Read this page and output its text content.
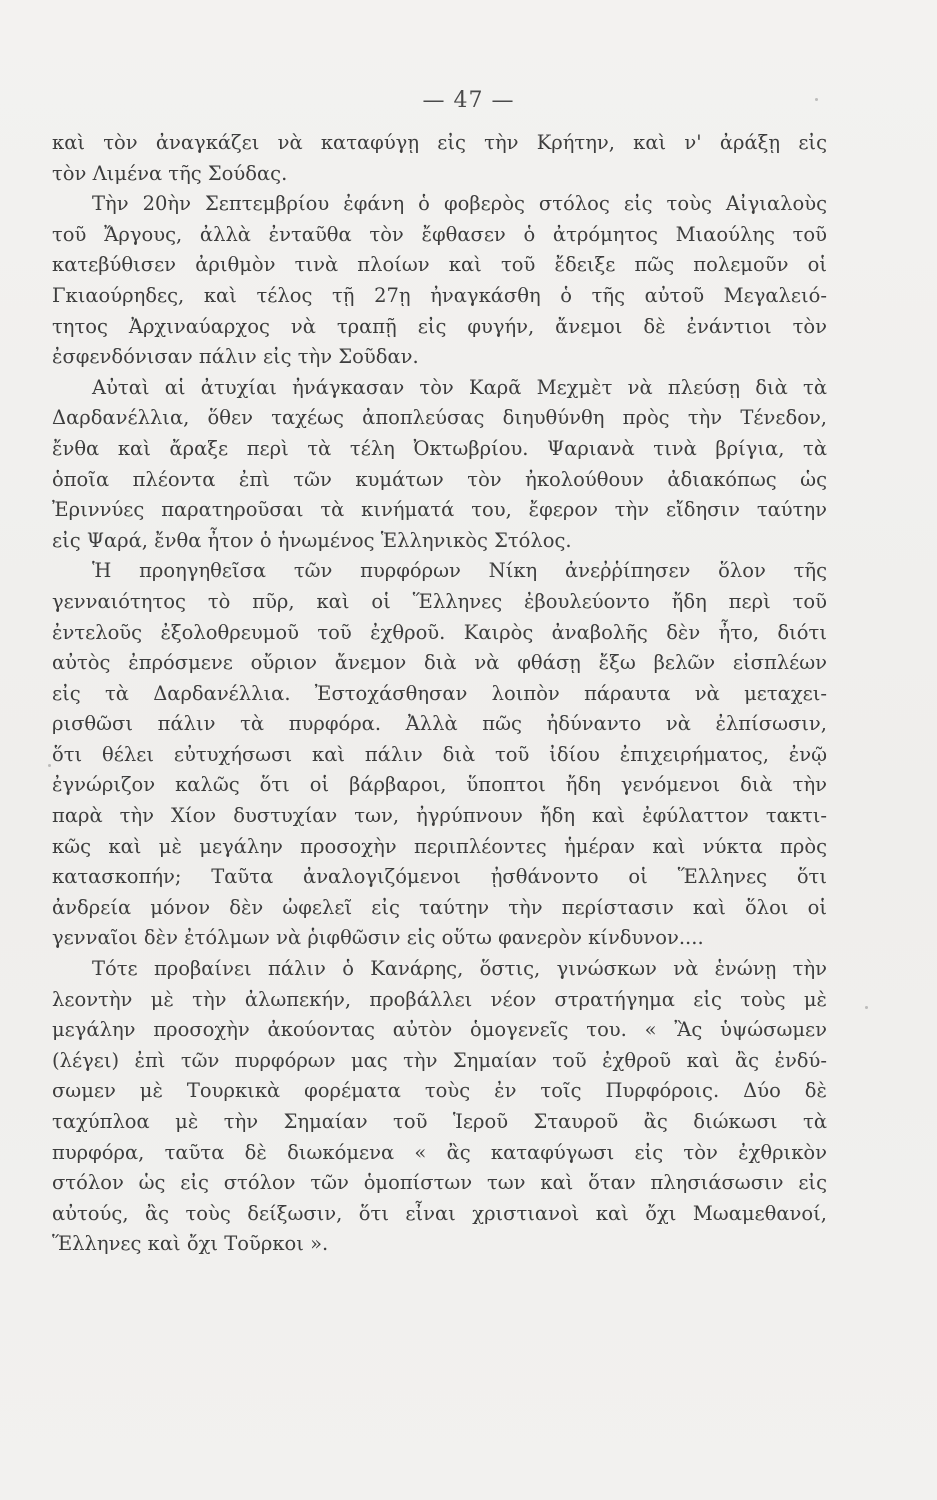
— 47 —
καὶ τὸν ἀναγκάζει νὰ καταφύγῃ εἰς τὴν Κρήτην, καὶ ν' ἀράξῃ εἰς
τὸν Λιμένα τῆς Σούδας.
Τὴν 20ὴν Σεπτεμβρίου ἐφάνη ὁ φοβερὸς στόλος εἰς τοὺς Αἰγιαλοὺς
τοῦ Ἄργους, ἀλλὰ ἐνταῦθα τὸν ἔφθασεν ὁ ἀτρόμητος Μιαούλης τοῦ
κατεβύθισεν ἀριθμὸν τινὰ πλοίων καὶ τοῦ ἔδειξε πῶς πολεμοῦν οἱ
Γκιαούρηδες, καὶ τέλος τῇ 27ῃ ἠναγκάσθη ὁ τῆς αὐτοῦ Μεγαλειό-
τητος Ἀρχιναύαρχος νὰ τραπῇ εἰς φυγήν, ἄνεμοι δὲ ἐνάντιοι τὸν
ἐσφενδόνισαν πάλιν εἰς τὴν Σοῦδαν.
Αὐταὶ αἱ ἀτυχίαι ἠνάγκασαν τὸν Καρᾶ Μεχμὲτ νὰ πλεύσῃ διὰ τὰ
Δαρδανέλλια, ὅθεν ταχέως ἀποπλεύσας διηυθύνθη πρὸς τὴν Τένεδον,
ἔνθα καὶ ἄραξε περὶ τὰ τέλη Ὀκτωβρίου. Ψαριανὰ τινὰ βρίγια, τὰ
ὁποῖα πλέοντα ἐπὶ τῶν κυμάτων τὸν ἠκολούθουν ἀδιακόπως ὡς
Ἐριννύες παρατηροῦσαι τὰ κινήματά του, ἔφερον τὴν εἴδησιν ταύτην
εἰς Ψαρά, ἔνθα ἦτον ὁ ἡνωμένος Ἑλληνικὸς Στόλος.
Ἡ προηγηθεῖσα τῶν πυρφόρων Νίκη ἀνεῤῥίπησεν ὅλον τῆς
γενναιότητος τὸ πῦρ, καὶ οἱ Ἕλληνες ἐβουλεύοντο ἤδη περὶ τοῦ
ἐντελοῦς ἐξολοθρευμοῦ τοῦ ἐχθροῦ. Καιρὸς ἀναβολῆς δὲν ἦτο, διότι
αὐτὸς ἐπρόσμενε οὔριον ἄνεμον διὰ νὰ φθάσῃ ἔξω βελῶν εἰσπλέων
εἰς τὰ Δαρδανέλλια. Ἐστοχάσθησαν λοιπὸν πάραυτα νὰ μεταχει-
ρισθῶσι πάλιν τὰ πυρφόρα. Ἀλλὰ πῶς ἠδύναντο νὰ ἐλπίσωσιν,
ὅτι θέλει εὐτυχήσωσι καὶ πάλιν διὰ τοῦ ἰδίου ἐπιχειρήματος, ἐνῷ
ἐγνώριζον καλῶς ὅτι οἱ βάρβαροι, ὕποπτοι ἤδη γενόμενοι διὰ τὴν
παρὰ τὴν Χίον δυστυχίαν των, ἠγρύπνουν ἤδη καὶ ἐφύλαττον τακτι-
κῶς καὶ μὲ μεγάλην προσοχὴν περιπλέοντες ἡμέραν καὶ νύκτα πρὸς
κατασκοπήν; Ταῦτα ἀναλογιζόμενοι ᾐσθάνοντο οἱ Ἕλληνες ὅτι
ἀνδρεία μόνον δὲν ὠφελεῖ εἰς ταύτην τὴν περίστασιν καὶ ὅλοι οἱ
γενναῖοι δὲν ἐτόλμων νὰ ῥιφθῶσιν εἰς οὕτω φανερὸν κίνδυνον....
Τότε προβαίνει πάλιν ὁ Κανάρης, ὅστις, γινώσκων νὰ ἑνώνῃ τὴν
λεοντὴν μὲ τὴν ἀλωπεκήν, προβάλλει νέον στρατήγημα εἰς τοὺς μὲ
μεγάλην προσοχὴν ἀκούοντας αὐτὸν ὁμογενεῖς του. « Ἂς ὑψώσωμεν
(λέγει) ἐπὶ τῶν πυρφόρων μας τὴν Σημαίαν τοῦ ἐχθροῦ καὶ ἂς ἐνδύ-
σωμεν μὲ Τουρκικὰ φορέματα τοὺς ἐν τοῖς Πυρφόροις. Δύο δὲ
ταχύπλοα μὲ τὴν Σημαίαν τοῦ Ἱεροῦ Σταυροῦ ἂς διώκωσι τὰ
πυρφόρα, ταῦτα δὲ διωκόμενα « ἂς καταφύγωσι εἰς τὸν ἐχθρικὸν
στόλον ὡς εἰς στόλον τῶν ὁμοπίστων των καὶ ὅταν πλησιάσωσιν εἰς
αὐτούς, ἂς τοὺς δείξωσιν, ὅτι εἶναι χριστιανοὶ καὶ ὄχι Μωαμεθανοί,
Ἕλληνες καὶ ὄχι Τοῦρκοι ».
